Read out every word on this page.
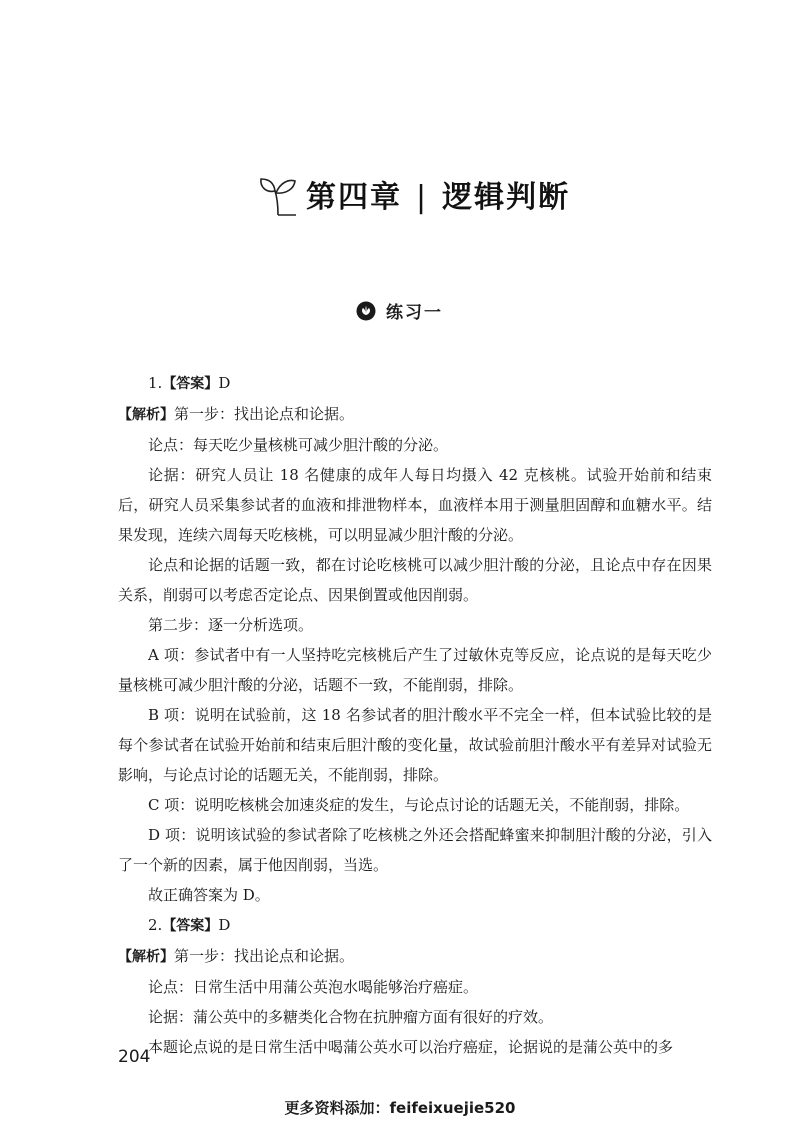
第四章 | 逻辑判断
练习一

1.【答案】D

【解析】第一步：找出论点和论据。

论点：每天吃少量核桃可减少胆汁酸的分泌。

论据：研究人员让 18 名健康的成年人每日均摄入 42 克核桃。试验开始前和结束后，研究人员采集参试者的血液和排泄物样本，血液样本用于测量胆固醇和血糖水平。结果发现，连续六周每天吃核桃，可以明显减少胆汁酸的分泌。

论点和论据的话题一致，都在讨论吃核桃可以减少胆汁酸的分泌，且论点中存在因果关系，削弱可以考虑否定论点、因果倒置或他因削弱。

第二步：逐一分析选项。

A 项：参试者中有一人坚持吃完核桃后产生了过敏休克等反应，论点说的是每天吃少量核桃可减少胆汁酸的分泌，话题不一致，不能削弱，排除。

B 项：说明在试验前，这 18 名参试者的胆汁酸水平不完全一样，但本试验比较的是每个参试者在试验开始前和结束后胆汁酸的变化量，故试验前胆汁酸水平有差异对试验无影响，与论点讨论的话题无关，不能削弱，排除。

C 项：说明吃核桃会加速炎症的发生，与论点讨论的话题无关，不能削弱，排除。

D 项：说明该试验的参试者除了吃核桃之外还会搭配蜂蜜来抑制胆汁酸的分泌，引入了一个新的因素，属于他因削弱，当选。

故正确答案为 D。

2.【答案】D

【解析】第一步：找出论点和论据。

论点：日常生活中用蒲公英泡水喝能够治疗癌症。

论据：蒲公英中的多糖类化合物在抗肿瘤方面有很好的疗效。

本题论点说的是日常生活中喝蒲公英水可以治疗癌症，论据说的是蒲公英中的多

204
更多资料添加：feifeixuejie520
